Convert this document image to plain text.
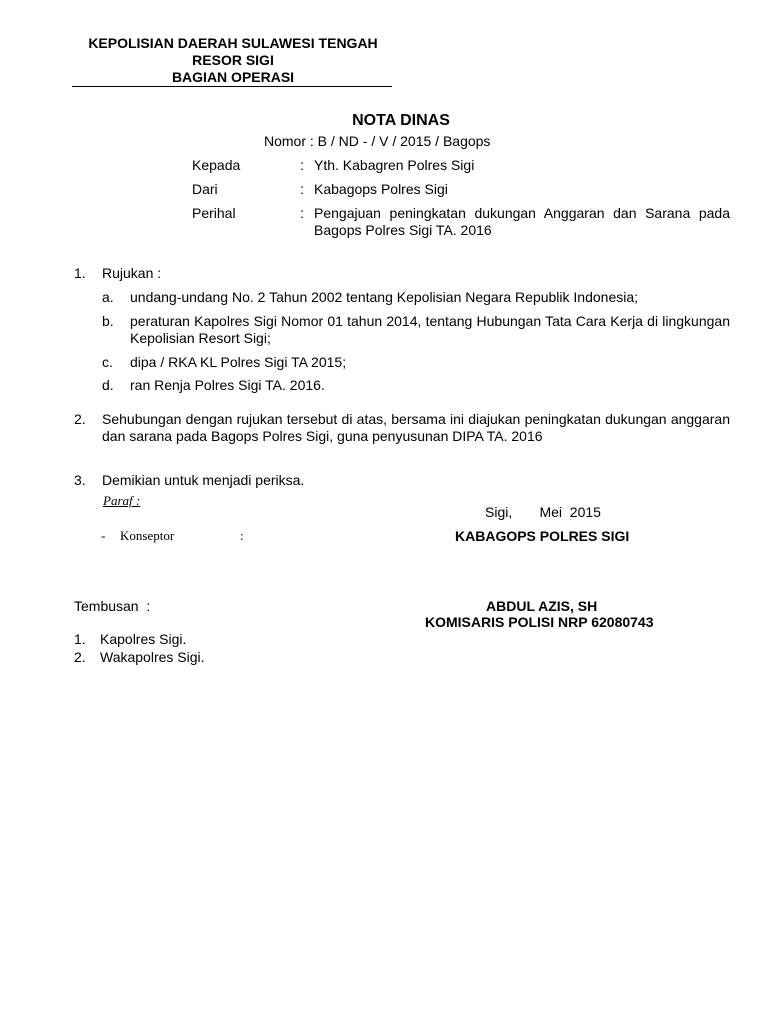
KEPOLISIAN DAERAH SULAWESI TENGAH
RESOR SIGI
BAGIAN OPERASI
NOTA DINAS
Nomor : B / ND - / V / 2015 / Bagops
Kepada	: Yth. Kabagren Polres Sigi
Dari	: Kabagops Polres Sigi
Perihal	: Pengajuan peningkatan dukungan Anggaran dan Sarana pada Bagops Polres Sigi TA. 2016
1. Rujukan :
a. undang-undang No. 2 Tahun 2002 tentang Kepolisian Negara Republik Indonesia;
b. peraturan Kapolres Sigi Nomor 01 tahun 2014, tentang Hubungan Tata Cara Kerja di lingkungan Kepolisian Resort Sigi;
c. dipa / RKA KL Polres Sigi TA 2015;
d. ran Renja Polres Sigi TA. 2016.
2. Sehubungan dengan rujukan tersebut di atas, bersama ini diajukan peningkatan dukungan anggaran dan sarana pada Bagops Polres Sigi, guna penyusunan DIPA TA. 2016
3. Demikian untuk menjadi periksa.
Paraf :
- Konseptor	:
Sigi,       Mei  2015
KABAGOPS POLRES SIGI
ABDUL AZIS, SH
KOMISARIS POLISI NRP 62080743
Tembusan  :
1. Kapolres Sigi.
2. Wakapolres Sigi.
